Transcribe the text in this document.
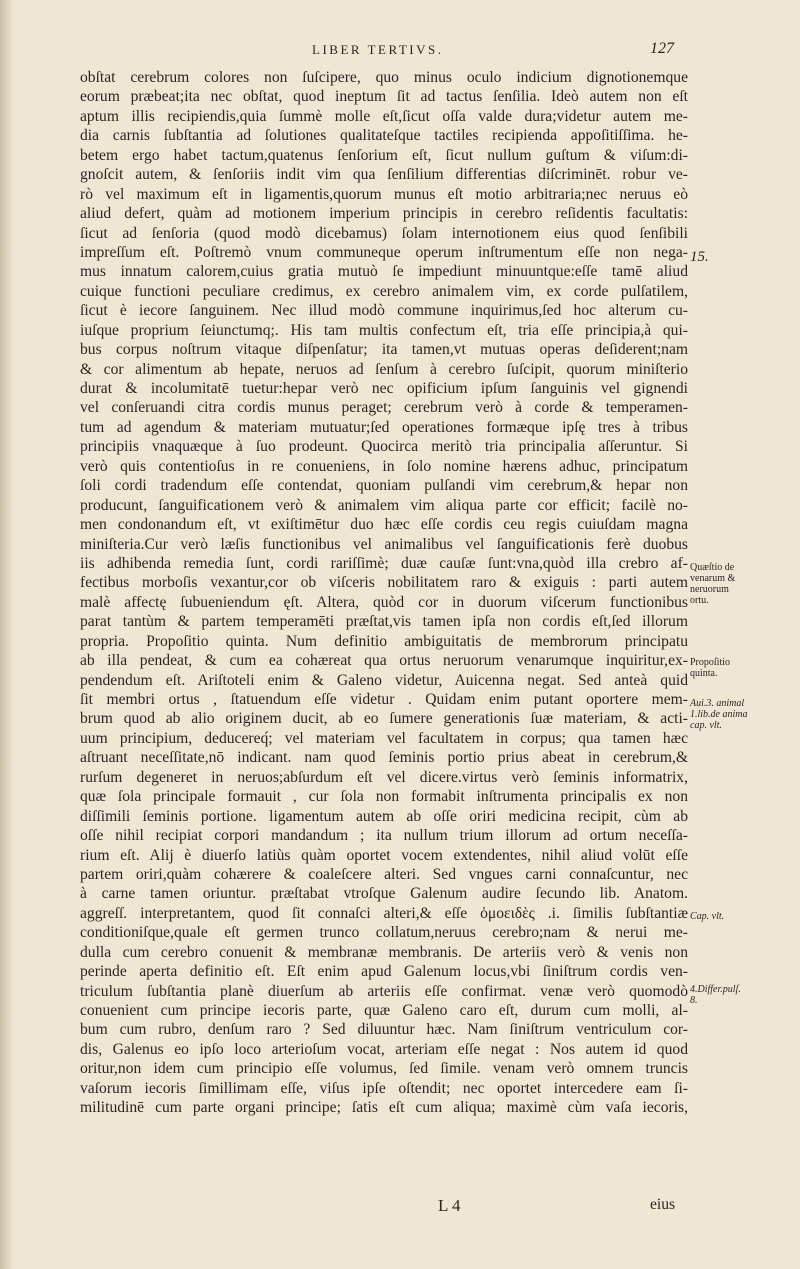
LIBER TERTIVS.	127
obſtat cerebrum colores non ſuſcipere, quo minus oculo indicium dignotionemque
eorum præbeat;ita nec obſtat, quod ineptum ſit ad tactus ſenſilia. Ideò autem non eſt
aptum illis recipiendis,quia ſummè molle eſt,ſicut oſſa valde dura;videtur autem me-
dia carnis ſubſtantia ad ſolutiones qualitateſque tactiles recipienda appoſitiſſima. he-
betem ergo habet tactum,quatenus ſenſorium eſt, ſicut nullum guſtum & viſum:di-
gnoſcit autem, & ſenſoriis indit vim qua ſenſilium differentias diſcriminēt. robur ve-
rò vel maximum eſt in ligamentis,quorum munus eſt motio arbitraria;nec neruus eò
aliud defert, quàm ad motionem imperium principis in cerebro reſidentis facultatis:
ſicut ad ſenſoria (quod modò dicebamus) ſolam internotionem eius quod ſenſibili
impreſſum eſt. Poſtremò vnum communeque operum inſtrumentum eſſe non nega-
mus innatum calorem,cuius gratia mutuò ſe impediunt minuuntque:eſſe tamē aliud
cuique functioni peculiare credimus, ex cerebro animalem vim, ex corde pulſatilem,
ſicut è iecore ſanguinem. Nec illud modò commune inquirimus,ſed hoc alterum cu-
iuſque proprium ſeiunctumq;. His tam multis confectum eſt, tria eſſe principia,à qui-
bus corpus noſtrum vitaque diſpenſatur; ita tamen,vt mutuas operas deſiderent;nam
& cor alimentum ab hepate, neruos ad ſenſum à cerebro ſuſcipit, quorum miniſterio
durat & incolumitatē tuetur:hepar verò nec opificium ipſum ſanguinis vel gignendi
vel conſeruandi citra cordis munus peraget; cerebrum verò à corde & temperamen-
tum ad agendum & materiam mutuatur;ſed operationes formæque ipſę tres à tribus
principiis vnaquæque à ſuo prodeunt. Quocirca meritò tria principalia aſſeruntur. Si
verò quis contentioſus in re conueniens, in ſolo nomine hærens adhuc, principatum
ſoli cordi tradendum eſſe contendat, quoniam pulſandi vim cerebrum,& hepar non
producunt, ſanguificationem verò & animalem vim aliqua parte cor efficit; facilè no-
men condonandum eſt, vt exiſtimētur duo hæc eſſe cordis ceu regis cuiuſdam magna
miniſteria.Cur verò læſis functionibus vel animalibus vel ſanguificationis ferè duobus
iis adhibenda remedia ſunt, cordi rariſſimè; duæ cauſæ ſunt:vna,quòd illa crebro af-
fectibus morboſis vexantur,cor ob viſceris nobilitatem raro & exiguis : parti autem
malè affectę ſubueniendum ęſt. Altera, quòd cor in duorum viſcerum functionibus
parat tantùm & partem temperamēti præſtat,vis tamen ipſa non cordis eſt,ſed illorum
propria. Propoſitio quinta. Num definitio ambiguitatis de membrorum principatu
ab illa pendeat, & cum ea cohæreat qua ortus neruorum venarumque inquiritur,ex-
pendendum eſt. Ariſtoteli enim & Galeno videtur, Auicenna negat. Sed anteà quid
ſit membri ortus , ſtatuendum eſſe videtur . Quidam enim putant oportere mem-
brum quod ab alio originem ducit, ab eo ſumere generationis ſuæ materiam, & acti-
uum principium, deducereq́; vel materiam vel facultatem in corpus; qua tamen hæc
aſtruant neceſſitate,nō indicant. nam quod ſeminis portio prius abeat in cerebrum,&
rurſum degeneret in neruos;abſurdum eſt vel dicere.virtus verò ſeminis informatrix,
quæ ſola principale formauit , cur ſola non formabit inſtrumenta principalis ex non
diſſimili ſeminis portione. ligamentum autem ab oſſe oriri medicina recipit, cùm ab
oſſe nihil recipiat corpori mandandum ; ita nullum trium illorum ad ortum neceſſa-
rium eſt. Alij è diuerſo latiùs quàm oportet vocem extendentes, nihil aliud volūt eſſe
partem oriri,quàm cohærere & coaleſcere alteri. Sed vngues carni connaſcuntur, nec
à carne tamen oriuntur. præſtabat vtroſque Galenum audire ſecundo lib. Anatom.
aggreſſ. interpretantem, quod ſit connaſci alteri,& eſſe ὁμοειδὲς .i. ſimilis ſubſtantiæ
conditioniſque,quale eſt germen trunco collatum,neruus cerebro;nam & nerui me-
dulla cum cerebro conuenit & membranæ membranis. De arteriis verò & venis non
perinde aperta definitio eſt. Eſt enim apud Galenum locus,vbi ſiniſtrum cordis ven-
triculum ſubſtantia planè diuerſum ab arteriis eſſe confirmat. venæ verò quomodò
conuenient cum principe iecoris parte, quæ Galeno caro eſt, durum cum molli, al-
bum cum rubro, denſum raro ? Sed diluuntur hæc. Nam ſiniſtrum ventriculum cor-
dis, Galenus eo ipſo loco arterioſum vocat, arteriam eſſe negat : Nos autem id quod
oritur,non idem cum principio eſſe volumus, ſed ſimile. venam verò omnem truncis
vaſorum iecoris ſimillimam eſſe, viſus ipſe oſtendit; nec oportet intercedere eam ſi-
militudinē cum parte organi principe; ſatis eſt cum aliqua; maximè cùm vaſa iecoris,
15.
Quæſtio de
venarum &
neruorum
ortu.
Propoſitio
quinta.
Aui.3. animal
1.lib.de anima
cap. vlt.
Cap. vlt.
4.Differ.pulſ.
8.
L 4	eius
